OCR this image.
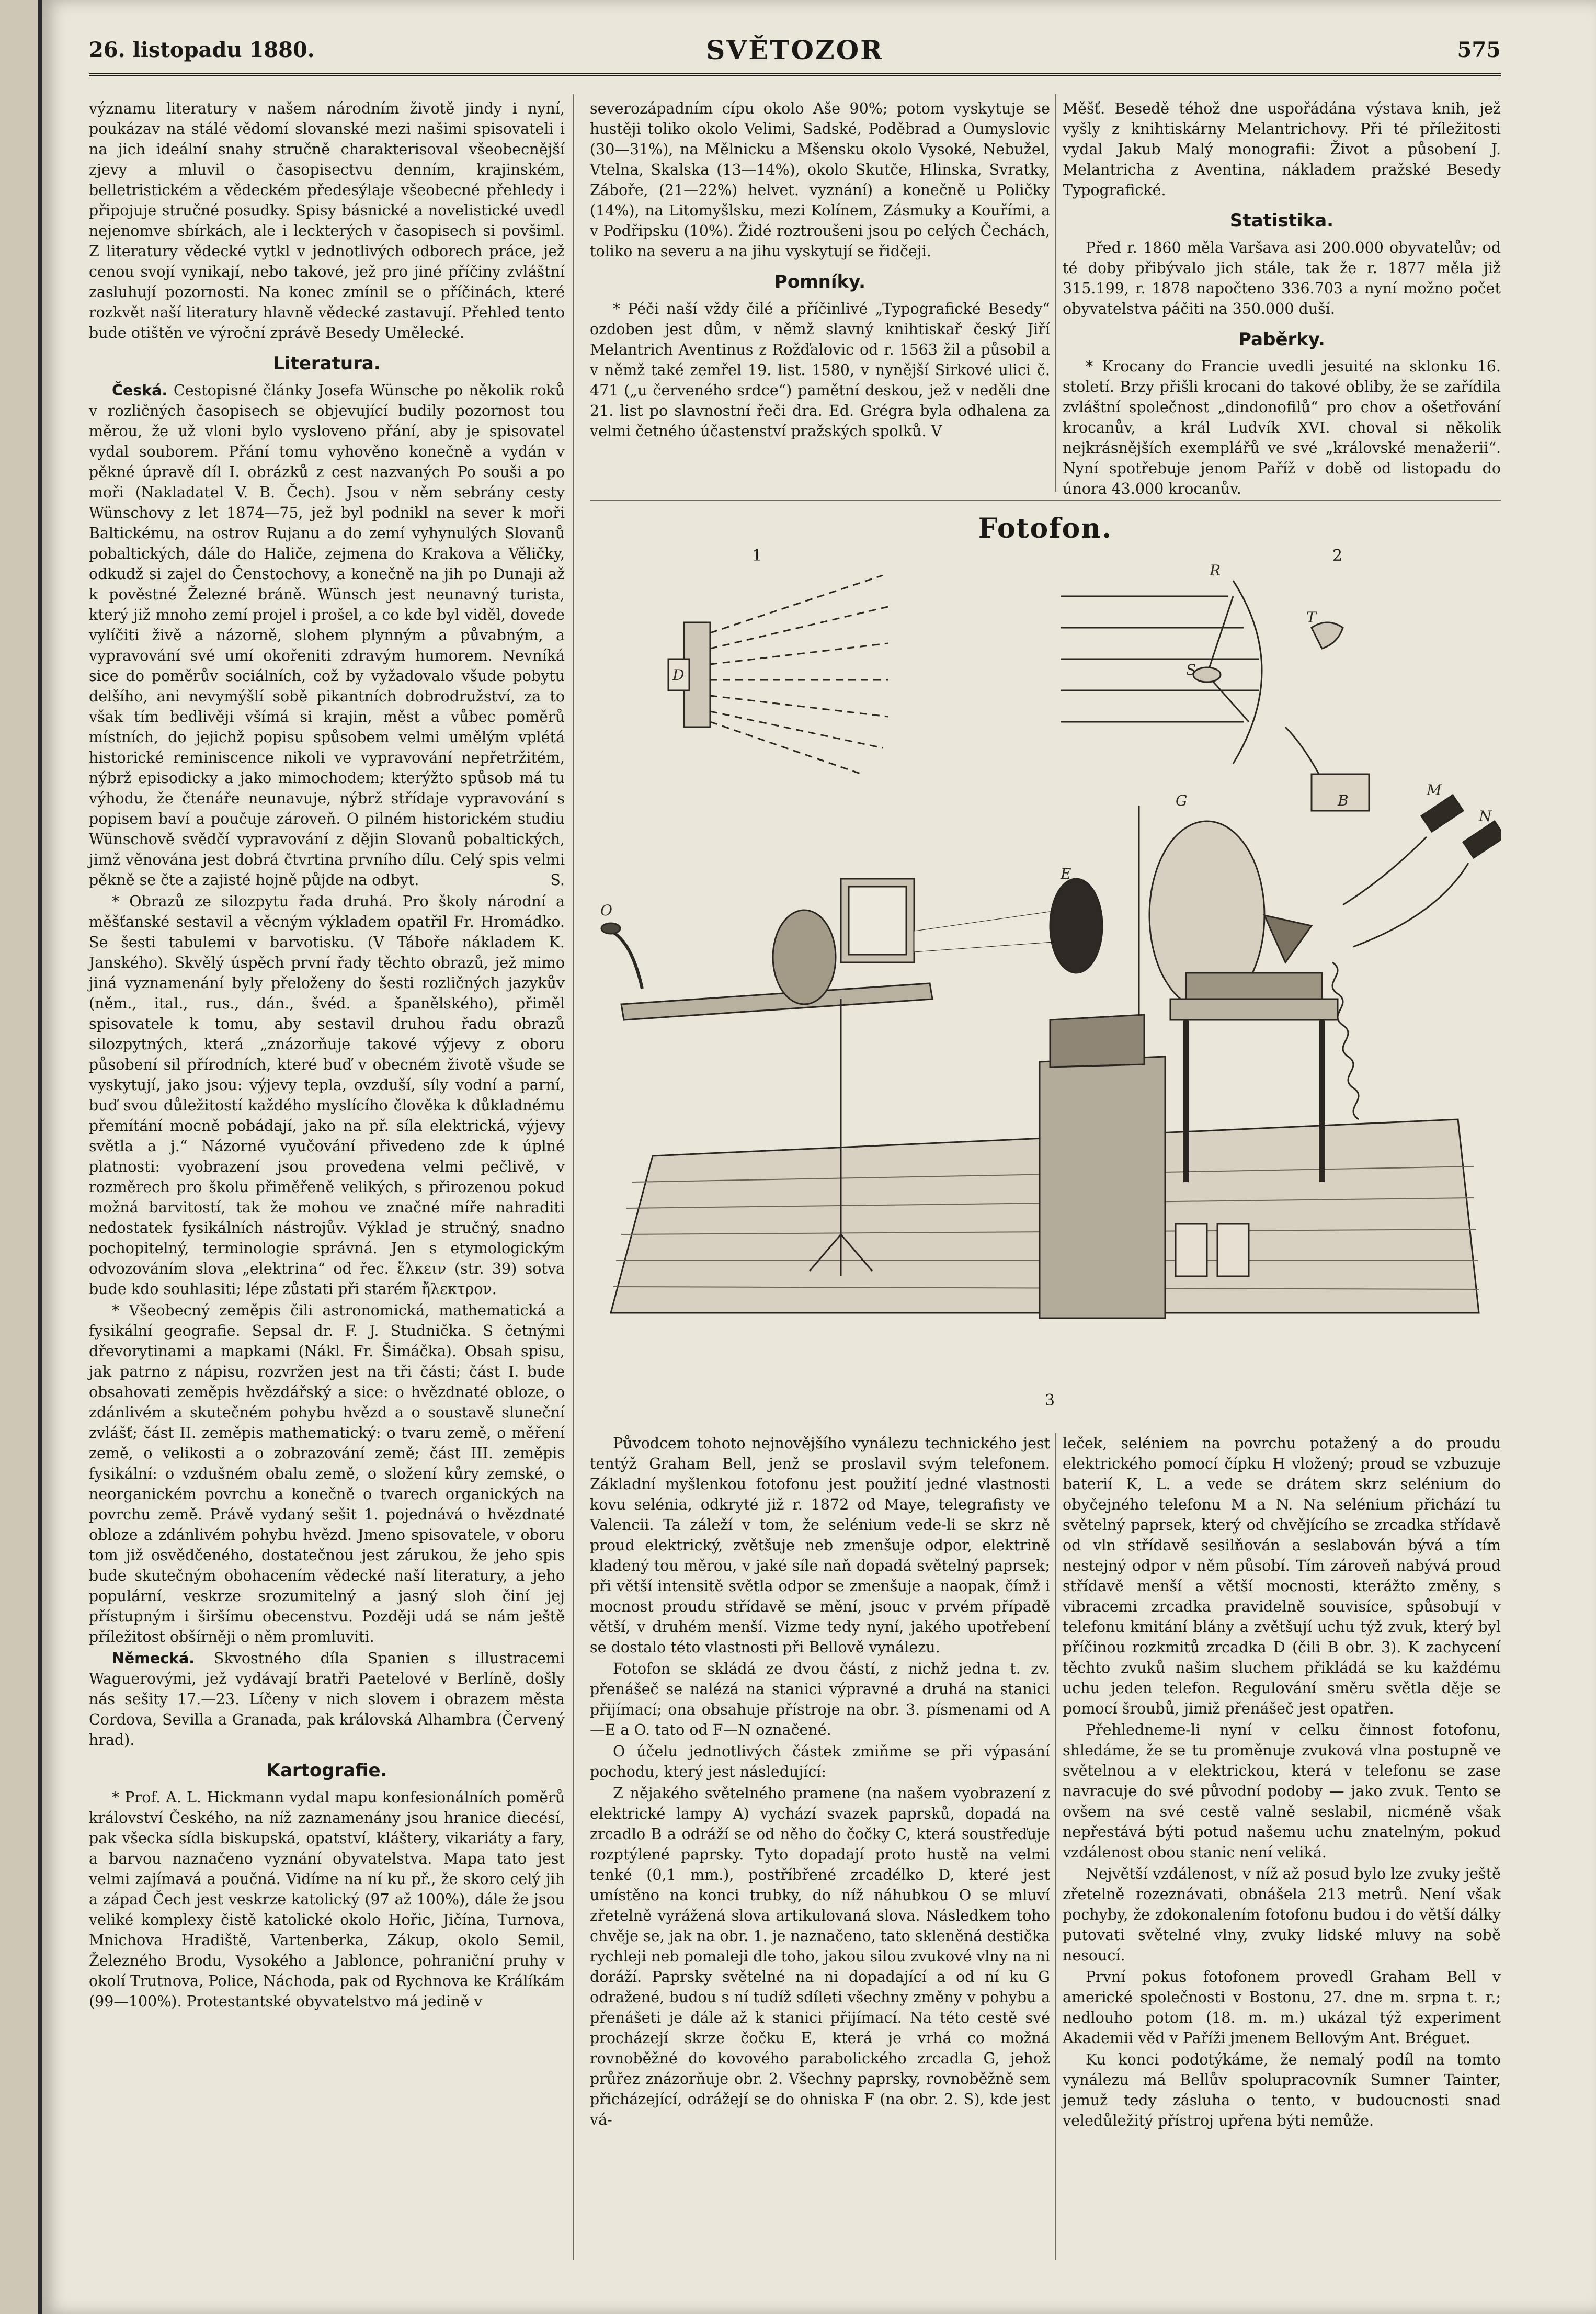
26. listopadu 1880.	SVĚTOZOR	575

významu literatury v našem národním životě jindy i nyní, poukázav na stálé vědomí slovanské mezi našimi spisovateli i na jich ideální snahy stručně charakterisoval všeobecnější zjevy a mluvil o časopisectvu denním, krajinském, belletristickém a vědeckém předesýlaje všeobecné přehledy i připojuje stručné posudky. Spisy básnické a novelistické uvedl nejenomve sbírkách, ale i leckterých v časopisech si povšiml. Z literatury vědecké vytkl v jednotlivých odborech práce, jež cenou svojí vynikají, nebo takové, jež pro jiné příčiny zvláštní zasluhují pozornosti. Na konec zmínil se o příčinách, které rozkvět naší literatury hlavně vědecké zastavují. Přehled tento bude otištěn ve výroční zprávě Besedy Umělecké.

Literatura.

Česká. Cestopisné články Josefa Wünsche po několik roků v rozličných časopisech se objevující budily pozornost tou měrou, že už vloni bylo vysloveno přání, aby je spisovatel vydal souborem. Přání tomu vyhověno konečně a vydán v pěkné úpravě díl I. obrázků z cest nazvaných Po souši a po moři (Nakladatel V. B. Čech). Jsou v něm sebrány cesty Wünschovy z let 1874—75, jež byl podnikl na sever k moři Baltickému, na ostrov Rujanu a do zemí vyhynulých Slovanů pobaltických, dále do Haliče, zejmena do Krakova a Věličky, odkudž si zajel do Čenstochovy, a konečně na jih po Dunaji až k pověstné Železné bráně. Wünsch jest neunavný turista, který již mnoho zemí projel i prošel, a co kde byl viděl, dovede vylíčiti živě a názorně, slohem plynným a půvabným, a vypravování své umí okořeniti zdravým humorem. Nevníká sice do poměrův sociálních, což by vyžadovalo všude pobytu delšího, ani nevymýšlí sobě pikantních dobrodružství, za to však tím bedlivěji všímá si krajin, měst a vůbec poměrů místních, do jejichž popisu spůsobem velmi umělým vplétá historické reminiscence nikoli ve vypravování nepřetržitém, nýbrž episodicky a jako mimochodem; kterýžto spůsob má tu výhodu, že čtenáře neunavuje, nýbrž střídaje vypravování s popisem baví a poučuje zároveň. O pilném historickém studiu Wünschově svědčí vypravování z dějin Slovanů pobaltických, jimž věnována jest dobrá čtvrtina prvního dílu. Celý spis velmi pěkně se čte a zajisté hojně půjde na odbyt.	S.

* Obrazů ze silozpytu řada druhá. Pro školy národní a měšťanské sestavil a věcným výkladem opatřil Fr. Hromádko. Se šesti tabulemi v barvotisku. (V Táboře nákladem K. Janského). Skvělý úspěch první řady těchto obrazů, jež mimo jiná vyznamenání byly přeloženy do šesti rozličných jazykův (něm., ital., rus., dán., švéd. a španělského), přiměl spisovatele k tomu, aby sestavil druhou řadu obrazů silozpytných, která „znázorňuje takové výjevy z oboru působení sil přírodních, které buď v obecném životě všude se vyskytují, jako jsou: výjevy tepla, ovzduší, síly vodní a parní, buď svou důležitostí každého myslícího člověka k důkladnému přemítání mocně pobádají, jako na př. síla elektrická, výjevy světla a j.“ Názorné vyučování přivedeno zde k úplné platnosti: vyobrazení jsou provedena velmi pečlivě, v rozměrech pro školu přiměřeně velikých, s přirozenou pokud možná barvitostí, tak že mohou ve značné míře nahraditi nedostatek fysikálních nástrojův. Výklad je stručný, snadno pochopitelný, terminologie správná. Jen s etymologickým odvozováním slova „elektrina“ od řec. ἕλκειν (str. 39) sotva bude kdo souhlasiti; lépe zůstati při starém ἤλεκτρον.

* Všeobecný zeměpis čili astronomická, mathematická a fysikální geografie. Sepsal dr. F. J. Studnička. S četnými dřevorytinami a mapkami (Nákl. Fr. Šimáčka). Obsah spisu, jak patrno z nápisu, rozvržen jest na tři části; část I. bude obsahovati zeměpis hvězdářský a sice: o hvězdnaté obloze, o zdánlivém a skutečném pohybu hvězd a o soustavě sluneční zvlášť; část II. zeměpis mathematický: o tvaru země, o měření země, o velikosti a o zobrazování země; část III. zeměpis fysikální: o vzdušném obalu země, o složení kůry zemské, o neorganickém povrchu a konečně o tvarech organických na povrchu země. Právě vydaný sešit 1. pojednává o hvězdnaté obloze a zdánlivém pohybu hvězd. Jmeno spisovatele, v oboru tom již osvědčeného, dostatečnou jest zárukou, že jeho spis bude skutečným obohacením vědecké naší literatury, a jeho populární, veskrze srozumitelný a jasný sloh činí jej přístupným i širšímu obecenstvu. Později udá se nám ještě příležitost obšírněji o něm promluviti.

Německá. Skvostného díla Spanien s illustracemi Waguerovými, jež vydávají bratři Paetelové v Berlíně, došly nás sešity 17.—23. Líčeny v nich slovem i obrazem města Cordova, Sevilla a Granada, pak královská Alhambra (Červený hrad).

Kartografie.

* Prof. A. L. Hickmann vydal mapu konfesionálních poměrů království Českého, na níž zaznamenány jsou hranice diecésí, pak všecka sídla biskupská, opatství, kláštery, vikariáty a fary, a barvou naznačeno vyznání obyvatelstva. Mapa tato jest velmi zajímavá a poučná. Vidíme na ní ku př., že skoro celý jih a západ Čech jest veskrze katolický (97 až 100%), dále že jsou veliké komplexy čistě katolické okolo Hořic, Jičína, Turnova, Mnichova Hradiště, Vartenberka, Zákup, okolo Semil, Železného Brodu, Vysokého a Jablonce, pohraniční pruhy v okolí Trutnova, Police, Náchoda, pak od Rychnova ke Králíkám (99—100%). Protestantské obyvatelstvo má jedině v

severozápadním cípu okolo Aše 90%; potom vyskytuje se hustěji toliko okolo Velimi, Sadské, Poděbrad a Oumyslovic (30—31%), na Mělnicku a Mšensku okolo Vysoké, Nebužel, Vtelna, Skalska (13—14%), okolo Skutče, Hlinska, Svratky, Záboře, (21—22%) helvet. vyznání) a konečně u Poličky (14%), na Litomyšlsku, mezi Kolínem, Zásmuky a Kouřími, a v Podřipsku (10%). Židé roztroušeni jsou po celých Čechách, toliko na severu a na jihu vyskytují se řidčeji.

Pomníky.

* Péči naší vždy čilé a příčinlivé „Typografické Besedy“ ozdoben jest dům, v němž slavný knihtiskař český Jiří Melantrich Aventinus z Rožďalovic od r. 1563 žil a působil a v němž také zemřel 19. list. 1580, v nynější Sirkové ulici č. 471 („u červeného srdce“) pamětní deskou, jež v neděli dne 21. list po slavnostní řeči dra. Ed. Grégra byla odhalena za velmi četného účastenství pražských spolků. V

Měšť. Besedě téhož dne uspořádána výstava knih, jež vyšly z knihtiskárny Melantrichovy. Při té příležitosti vydal Jakub Malý monografii: Život a působení J. Melantricha z Aventina, nákladem pražské Besedy Typografické.

Statistika.

Před r. 1860 měla Varšava asi 200.000 obyvatelův; od té doby přibývalo jich stále, tak že r. 1877 měla již 315.199, r. 1878 napočteno 336.703 a nyní možno počet obyvatelstva páčiti na 350.000 duší.

Paběrky.

* Krocany do Francie uvedli jesuité na sklonku 16. století. Brzy přišli krocani do takové obliby, že se zařídila zvláštní společnost „dindonofilů“ pro chov a ošetřování krocanův, a král Ludvík XVI. choval si několik nejkrásnějších exemplářů ve své „královské menažerii“. Nyní spotřebuje jenom Paříž v době od listopadu do února 43.000 krocanův.

Fotofon.
1	2
3
D
T
R
S
B
O
E
G
M
N

Původcem tohoto nejnovějšího vynálezu technického jest tentýž Graham Bell, jenž se proslavil svým telefonem. Základní myšlenkou fotofonu jest použití jedné vlastnosti kovu selénia, odkryté již r. 1872 od Maye, telegrafisty ve Valencii. Ta záleží v tom, že selénium vede-li se skrz ně proud elektrický, zvětšuje neb zmenšuje odpor, elektrině kladený tou měrou, v jaké síle naň dopadá světelný paprsek; při větší intensitě světla odpor se zmenšuje a naopak, čímž i mocnost proudu střídavě se mění, jsouc v prvém případě větší, v druhém menší. Vizme tedy nyní, jakého upotřebení se dostalo této vlastnosti při Bellově vynálezu.

Fotofon se skládá ze dvou částí, z nichž jedna t. zv. přenášeč se nalézá na stanici výpravné a druhá na stanici přijímací; ona obsahuje přístroje na obr. 3. písmenami od A—E a O. tato od F—N označené.

O účelu jednotlivých částek zmiňme se při výpasání pochodu, který jest následující:

Z nějakého světelného pramene (na našem vyobrazení z elektrické lampy A) vychází svazek paprsků, dopadá na zrcadlo B a odráží se od něho do čočky C, která soustřeďuje rozptýlené paprsky. Tyto dopadají proto hustě na velmi tenké (0,1 mm.), postříbřené zrcadélko D, které jest umístěno na konci trubky, do níž náhubkou O se mluví zřetelně vyrážená slova artikulovaná slova. Následkem toho chvěje se, jak na obr. 1. je naznačeno, tato skleněná destička rychleji neb pomaleji dle toho, jakou silou zvukové vlny na ni doráží. Paprsky světelné na ni dopadající a od ní ku G odražené, budou s ní tudíž sdíleti všechny změny v pohybu a přenášeti je dále až k stanici přijímací. Na této cestě své procházejí skrze čočku E, která je vrhá co možná rovnoběžné do kovového parabolického zrcadla G, jehož průřez znázorňuje obr. 2. Všechny paprsky, rovnoběžně sem přicházející, odrážejí se do ohniska F (na obr. 2. S), kde jest vá-

leček, seléniem na povrchu potažený a do proudu elektrického pomocí čípku H vložený; proud se vzbuzuje baterií K, L. a vede se drátem skrz selénium do obyčejného telefonu M a N. Na selénium přichází tu světelný paprsek, který od chvějícího se zrcadka střídavě od vln střídavě sesilňován a seslabován bývá a tím nestejný odpor v něm působí. Tím zároveň nabývá proud střídavě menší a větší mocnosti, kterážto změny, s vibracemi zrcadka pravidelně souvisíce, spůsobují v telefonu kmitání blány a zvětšují uchu týž zvuk, který byl příčinou rozkmitů zrcadka D (čili B obr. 3). K zachycení těchto zvuků našim sluchem přikládá se ku každému uchu jeden telefon. Regulování směru světla děje se pomocí šroubů, jimiž přenášeč jest opatřen.

Přehledneme-li nyní v celku činnost fotofonu, shledáme, že se tu proměnuje zvuková vlna postupně ve světelnou a v elektrickou, která v telefonu se zase navracuje do své původní podoby — jako zvuk. Tento se ovšem na své cestě valně seslabil, nicméně však nepřestává býti potud našemu uchu znatelným, pokud vzdálenost obou stanic není veliká.

Největší vzdálenost, v níž až posud bylo lze zvuky ještě zřetelně rozeznávati, obnášela 213 metrů. Není však pochyby, že zdokonalením fotofonu budou i do větší dálky putovati světelné vlny, zvuky lidské mluvy na sobě nesoucí.

První pokus fotofonem provedl Graham Bell v americké společnosti v Bostonu, 27. dne m. srpna t. r.; nedlouho potom (18. m. m.) ukázal týž experiment Akademii věd v Paříži jmenem Bellovým Ant. Bréguet.

Ku konci podotýkáme, že nemalý podíl na tomto vynálezu má Bellův spolupracovník Sumner Tainter, jemuž tedy zásluha o tento, v budoucnosti snad veledůležitý přístroj upřena býti nemůže.
